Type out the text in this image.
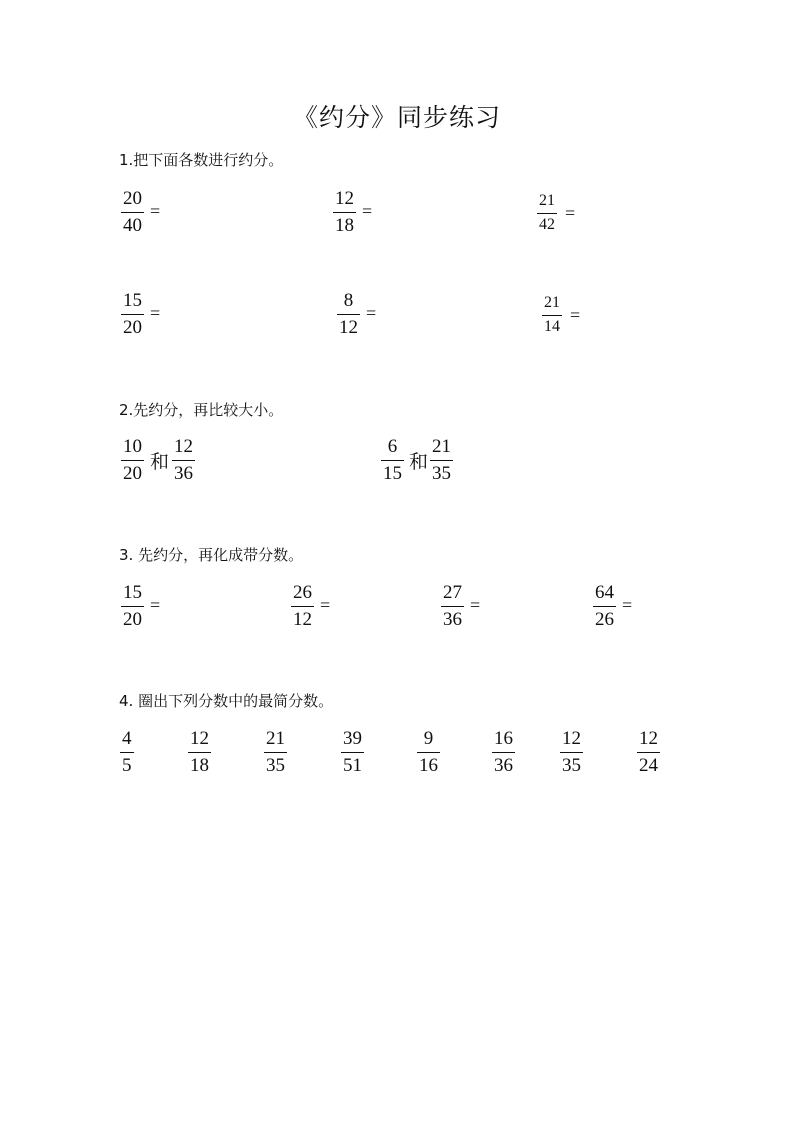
《约分》同步练习
1.把下面各数进行约分。
20
40
=
12
18
=
21
42
=
15
20
=
8
12
=
21
14
=
2.先约分，再比较大小。
10
20
和
12
36
6
15
和
21
35
3. 先约分，再化成带分数。
15
20
=
26
12
=
27
36
=
64
26
=
4. 圈出下列分数中的最简分数。
4
5
12
18
21
35
39
51
9
16
16
36
12
35
12
24
